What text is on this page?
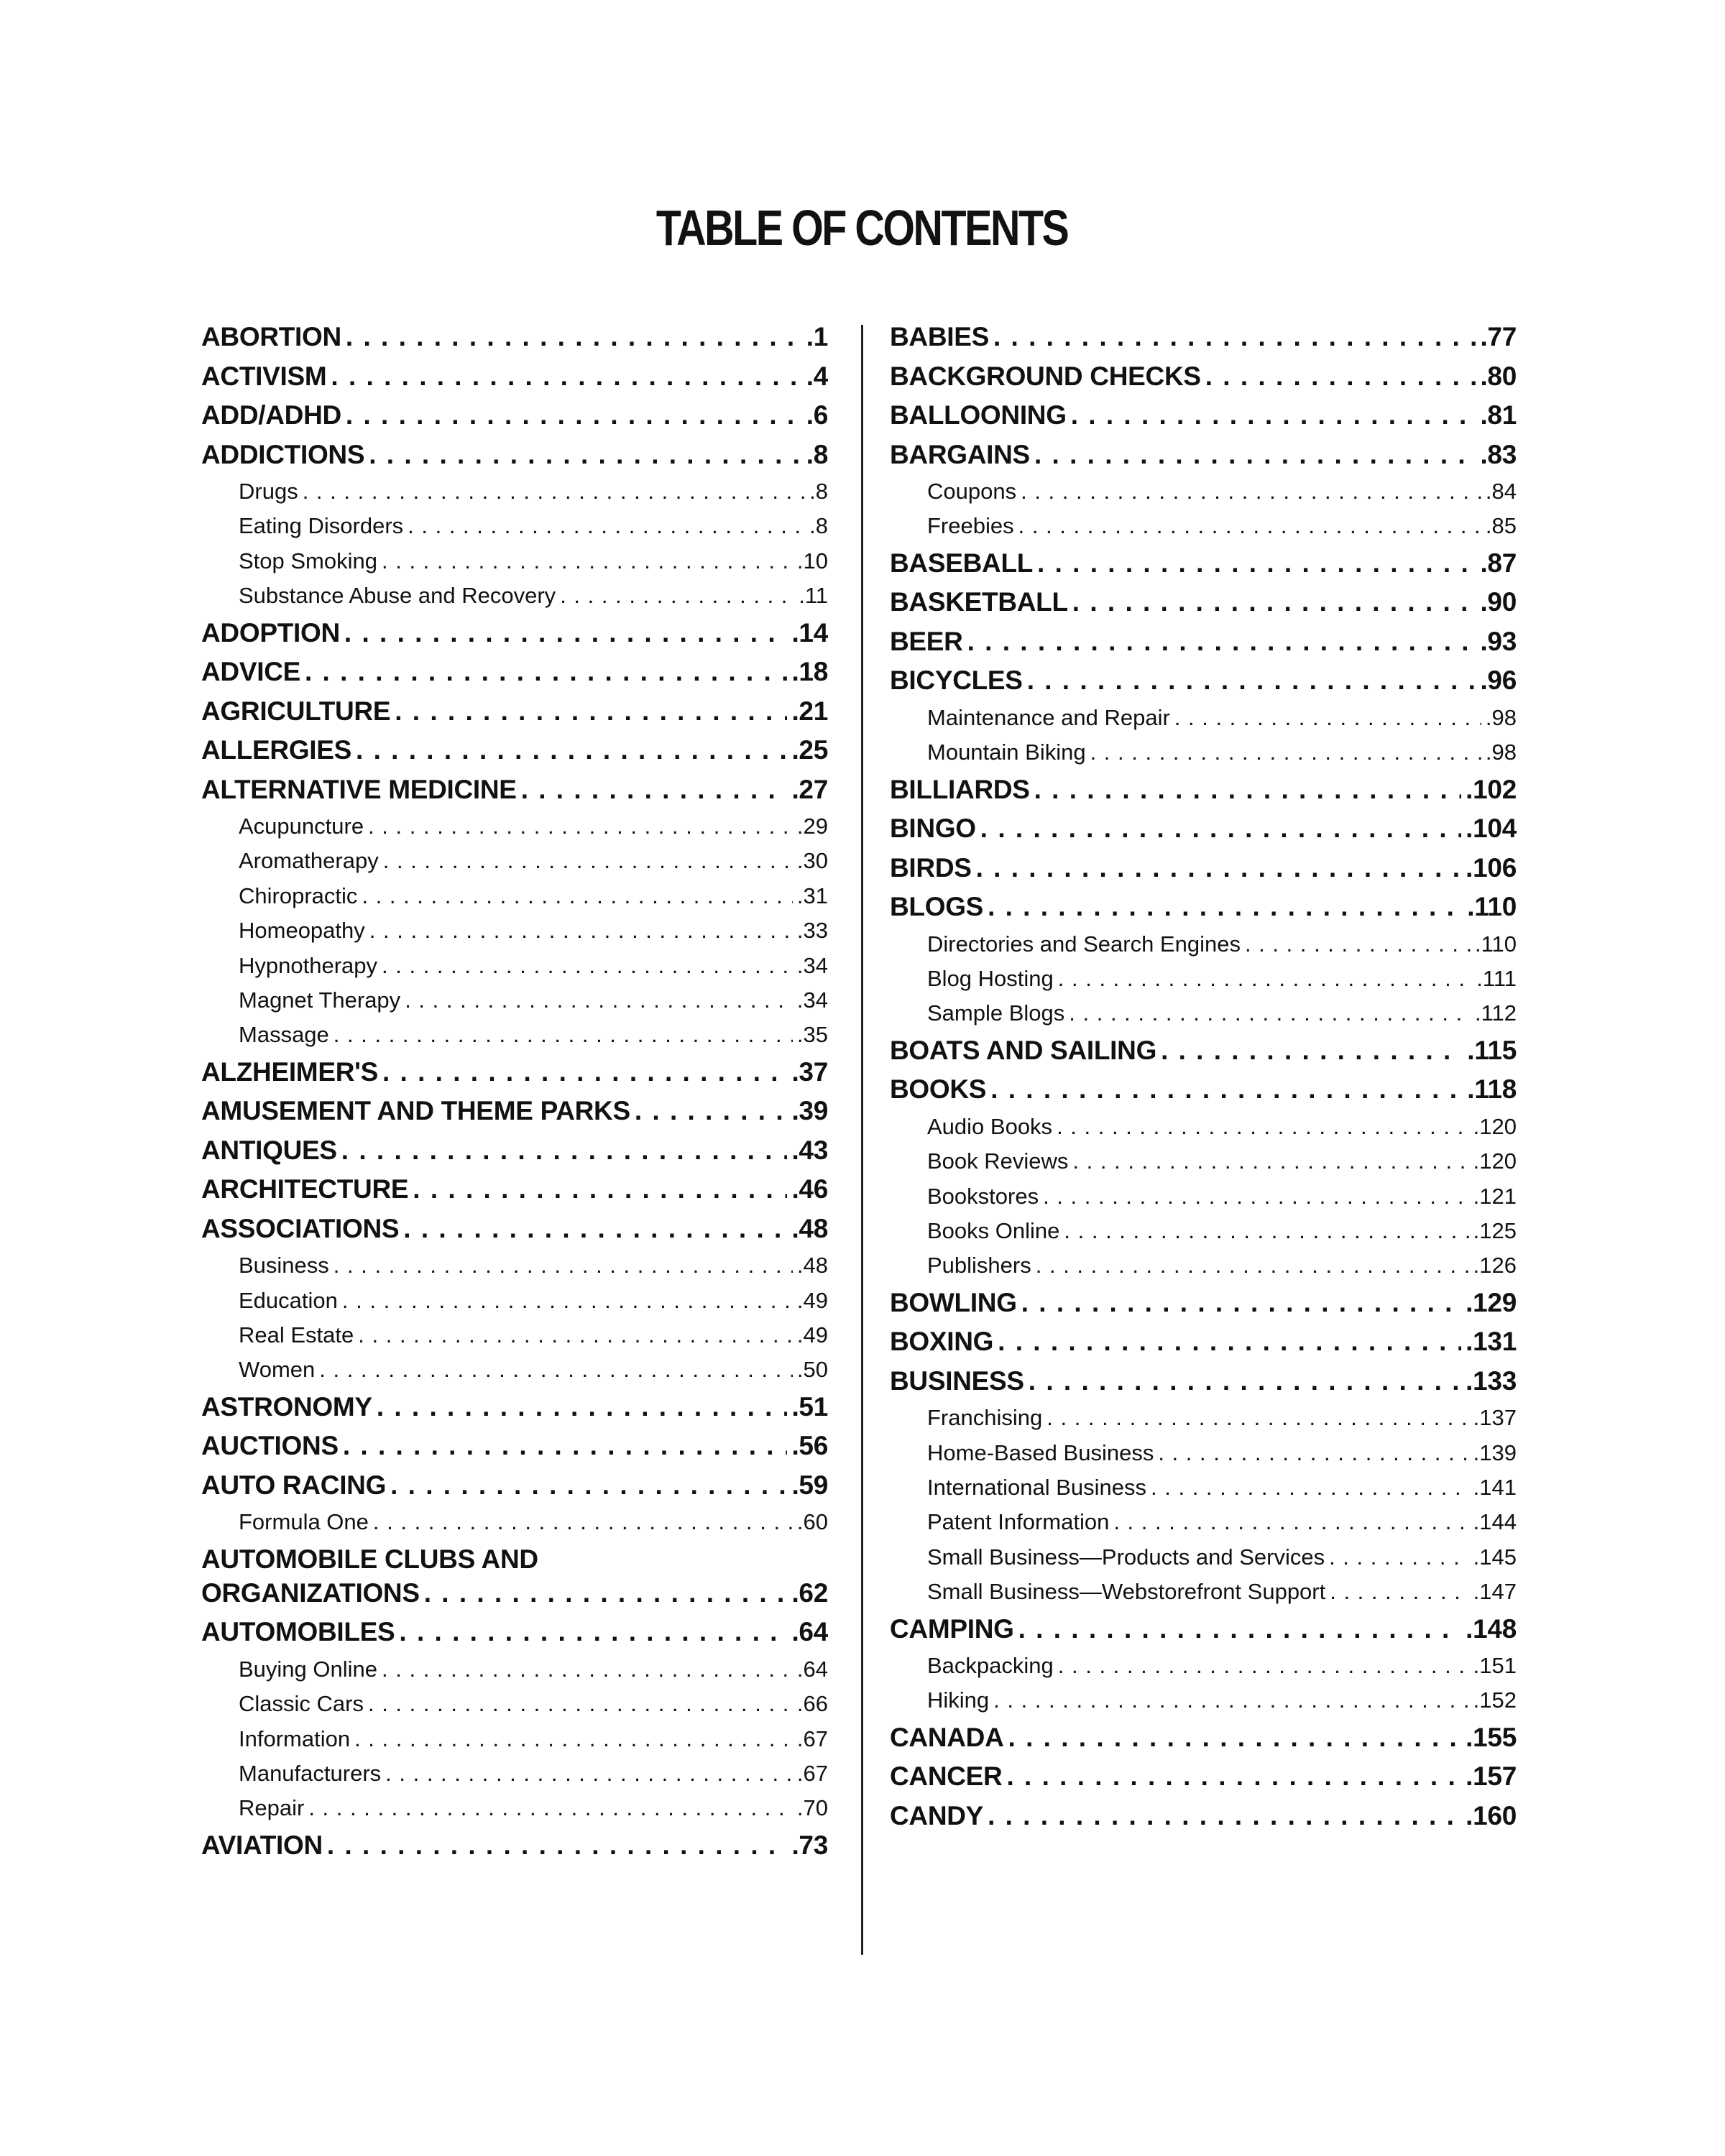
TABLE OF CONTENTS
ABORTION . . .	.1
ACTIVISM . . .	.4
ADD/ADHD . . .	.6
ADDICTIONS . . .	.8
Drugs . . .	.8
Eating Disorders . . .	.8
Stop Smoking . . .	.10
Substance Abuse and Recovery . . .	.11
ADOPTION . . .	.14
ADVICE . . .	.18
AGRICULTURE . . .	.21
ALLERGIES . . .	.25
ALTERNATIVE MEDICINE . . .	.27
Acupuncture . . .	.29
Aromatherapy . . .	.30
Chiropractic . . .	.31
Homeopathy . . .	.33
Hypnotherapy . . .	.34
Magnet Therapy . . .	.34
Massage . . .	.35
ALZHEIMER'S . . .	.37
AMUSEMENT AND THEME PARKS . . .	.39
ANTIQUES . . .	.43
ARCHITECTURE . . .	.46
ASSOCIATIONS . . .	.48
Business . . .	.48
Education . . .	.49
Real Estate . . .	.49
Women . . .	.50
ASTRONOMY . . .	.51
AUCTIONS . . .	.56
AUTO RACING . . .	.59
Formula One . . .	.60
AUTOMOBILE CLUBS AND
ORGANIZATIONS . . .	.62
AUTOMOBILES . . .	.64
Buying Online . . .	.64
Classic Cars . . .	.66
Information . . .	.67
Manufacturers . . .	.67
Repair . . .	.70
AVIATION . . .	.73
BABIES . . .	.77
BACKGROUND CHECKS . . .	.80
BALLOONING . . .	.81
BARGAINS . . .	.83
Coupons . . .	.84
Freebies . . .	.85
BASEBALL . . .	.87
BASKETBALL . . .	.90
BEER . . .	.93
BICYCLES . . .	.96
Maintenance and Repair . . .	.98
Mountain Biking . . .	.98
BILLIARDS . . .	.102
BINGO . . .	.104
BIRDS . . .	.106
BLOGS . . .	.110
Directories and Search Engines . . .	.110
Blog Hosting . . .	.111
Sample Blogs . . .	.112
BOATS AND SAILING . . .	.115
BOOKS . . .	.118
Audio Books . . .	.120
Book Reviews . . .	.120
Bookstores . . .	.121
Books Online . . .	.125
Publishers . . .	.126
BOWLING . . .	.129
BOXING . . .	.131
BUSINESS . . .	.133
Franchising . . .	.137
Home-Based Business . . .	.139
International Business . . .	.141
Patent Information . . .	.144
Small Business—Products and Services . . .	.145
Small Business—Webstorefront Support . . .	.147
CAMPING . . .	.148
Backpacking . . .	.151
Hiking . . .	.152
CANADA . . .	.155
CANCER . . .	.157
CANDY . . .	.160
